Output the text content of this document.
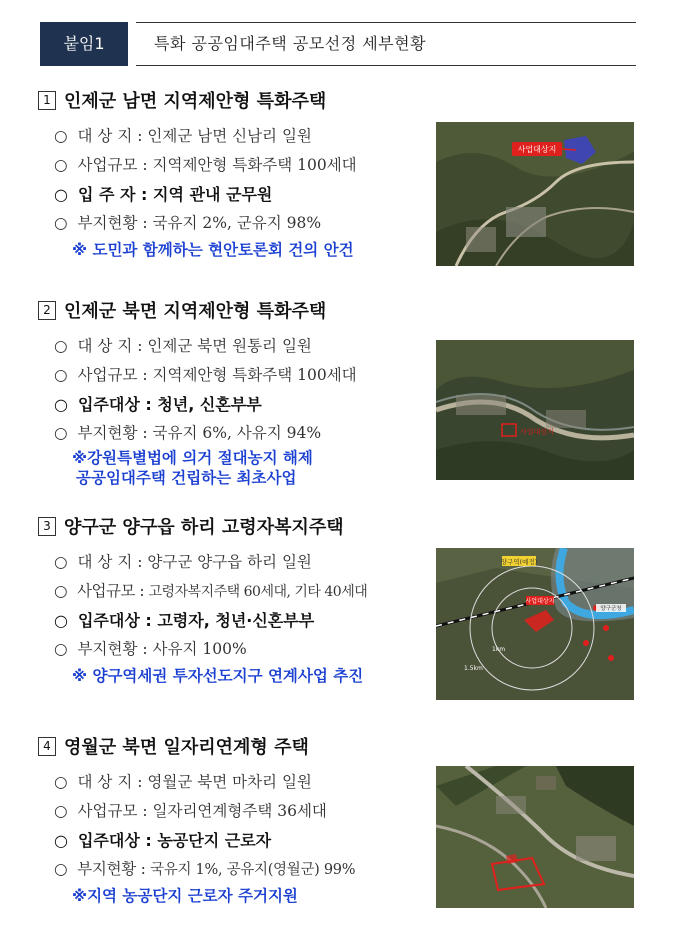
붙임1	특화 공공임대주택 공모선정 세부현황
1 인제군 남면 지역제안형 특화주택
○ 대 상 지 : 인제군 남면 신남리 일원
○ 사업규모 : 지역제안형 특화주택 100세대
○ 입 주 자 : 지역 관내 군무원
○ 부지현황 : 국유지 2%, 군유지 98%
※ 도민과 함께하는 현안토론회 건의 안건
사업대상지
2 인제군 북면 지역제안형 특화주택
○ 대 상 지 : 인제군 북면 원통리 일원
○ 사업규모 : 지역제안형 특화주택 100세대
○ 입주대상 : 청년, 신혼부부
○ 부지현황 : 국유지 6%, 사유지 94%
※강원특별법에 의거 절대농지 해제
공공임대주택 건립하는 최초사업
사업대상지
3 양구군 양구읍 하리 고령자복지주택
○ 대 상 지 : 양구군 양구읍 하리 일원
○ 사업규모 : 고령자복지주택 60세대, 기타 40세대
○ 입주대상 : 고령자, 청년·신혼부부
○ 부지현황 : 사유지 100%
※ 양구역세권 투자선도지구 연계사업 추진
양구역(예정)
사업대상지
1km
1.5km
양구군청
4 영월군 북면 일자리연계형 주택
○ 대 상 지 : 영월군 북면 마차리 일원
○ 사업규모 : 일자리연계형주택 36세대
○ 입주대상 : 농공단지 근로자
○ 부지현황 : 국유지 1%, 공유지(영월군) 99%
※지역 농공단지 근로자 주거지원
